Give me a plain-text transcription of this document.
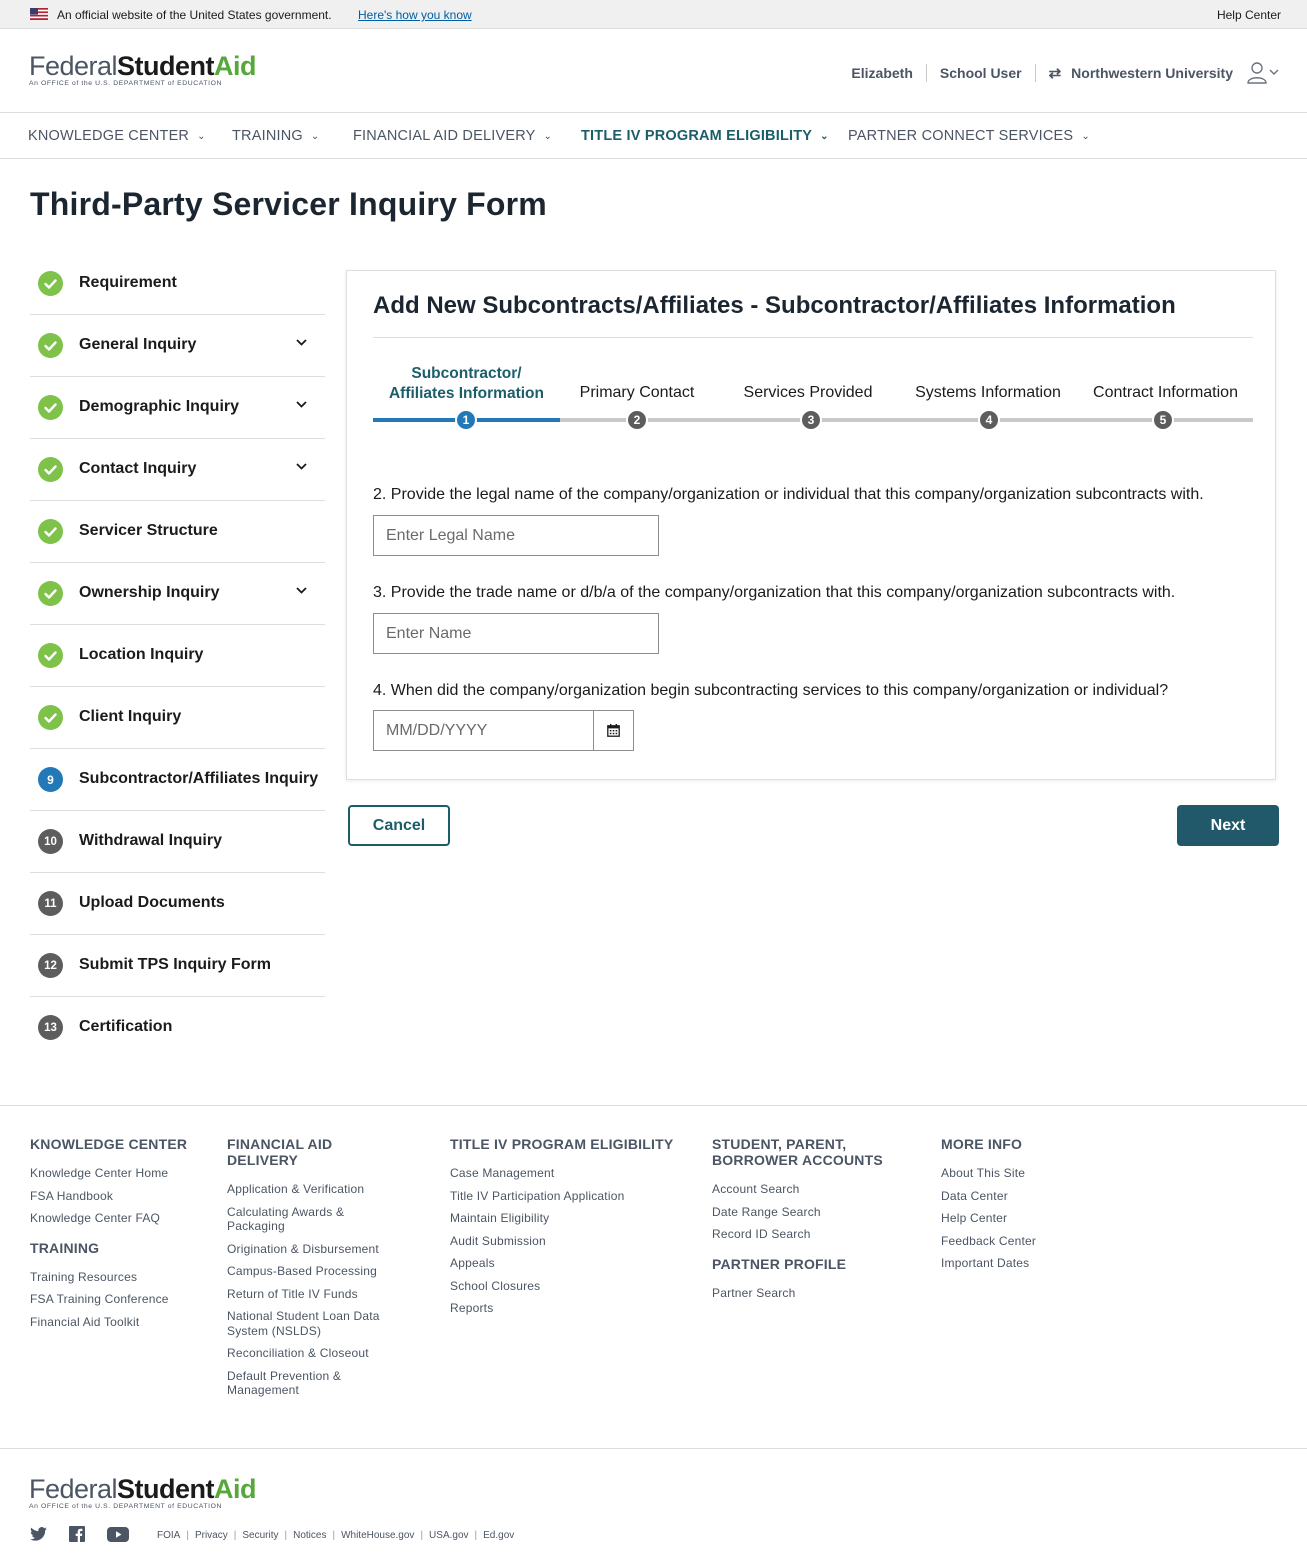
An official website of the United States government. Here's how you know	Help Center
FederalStudentAid
An OFFICE of the U.S. DEPARTMENT of EDUCATION
Elizabeth School User ⇄ Northwestern University
KNOWLEDGE CENTER ⌄ TRAINING ⌄ FINANCIAL AID DELIVERY ⌄ TITLE IV PROGRAM ELIGIBILITY ⌄ PARTNER CONNECT SERVICES ⌄
Third-Party Servicer Inquiry Form
Requirement
General Inquiry
Demographic Inquiry
Contact Inquiry
Servicer Structure
Ownership Inquiry
Location Inquiry
Client Inquiry
9	Subcontractor/Affiliates Inquiry
10	Withdrawal Inquiry
11	Upload Documents
12	Submit TPS Inquiry Form
13	Certification
Add New Subcontracts/Affiliates - Subcontractor/Affiliates Information
Subcontractor/
Affiliates Information
1
Primary Contact
2
Services Provided
3
Systems Information
4
Contract Information
5
2. Provide the legal name of the company/organization or individual that this company/organization subcontracts with.
Enter Legal Name
3. Provide the trade name or d/b/a of the company/organization that this company/organization subcontracts with.
Enter Name
4. When did the company/organization begin subcontracting services to this company/organization or individual?
MM/DD/YYYY
Cancel	Next
KNOWLEDGE CENTER
Knowledge Center Home
FSA Handbook
Knowledge Center FAQ
TRAINING
Training Resources
FSA Training Conference
Financial Aid Toolkit
FINANCIAL AID DELIVERY
Application & Verification
Calculating Awards & Packaging
Origination & Disbursement
Campus-Based Processing
Return of Title IV Funds
National Student Loan Data System (NSLDS)
Reconciliation & Closeout
Default Prevention & Management
TITLE IV PROGRAM ELIGIBILITY
Case Management
Title IV Participation Application
Maintain Eligibility
Audit Submission
Appeals
School Closures
Reports
STUDENT, PARENT, BORROWER ACCOUNTS
Account Search
Date Range Search
Record ID Search
PARTNER PROFILE
Partner Search
MORE INFO
About This Site
Data Center
Help Center
Feedback Center
Important Dates
FederalStudentAid
An OFFICE of the U.S. DEPARTMENT of EDUCATION
FOIA | Privacy | Security | Notices | WhiteHouse.gov | USA.gov | Ed.gov
